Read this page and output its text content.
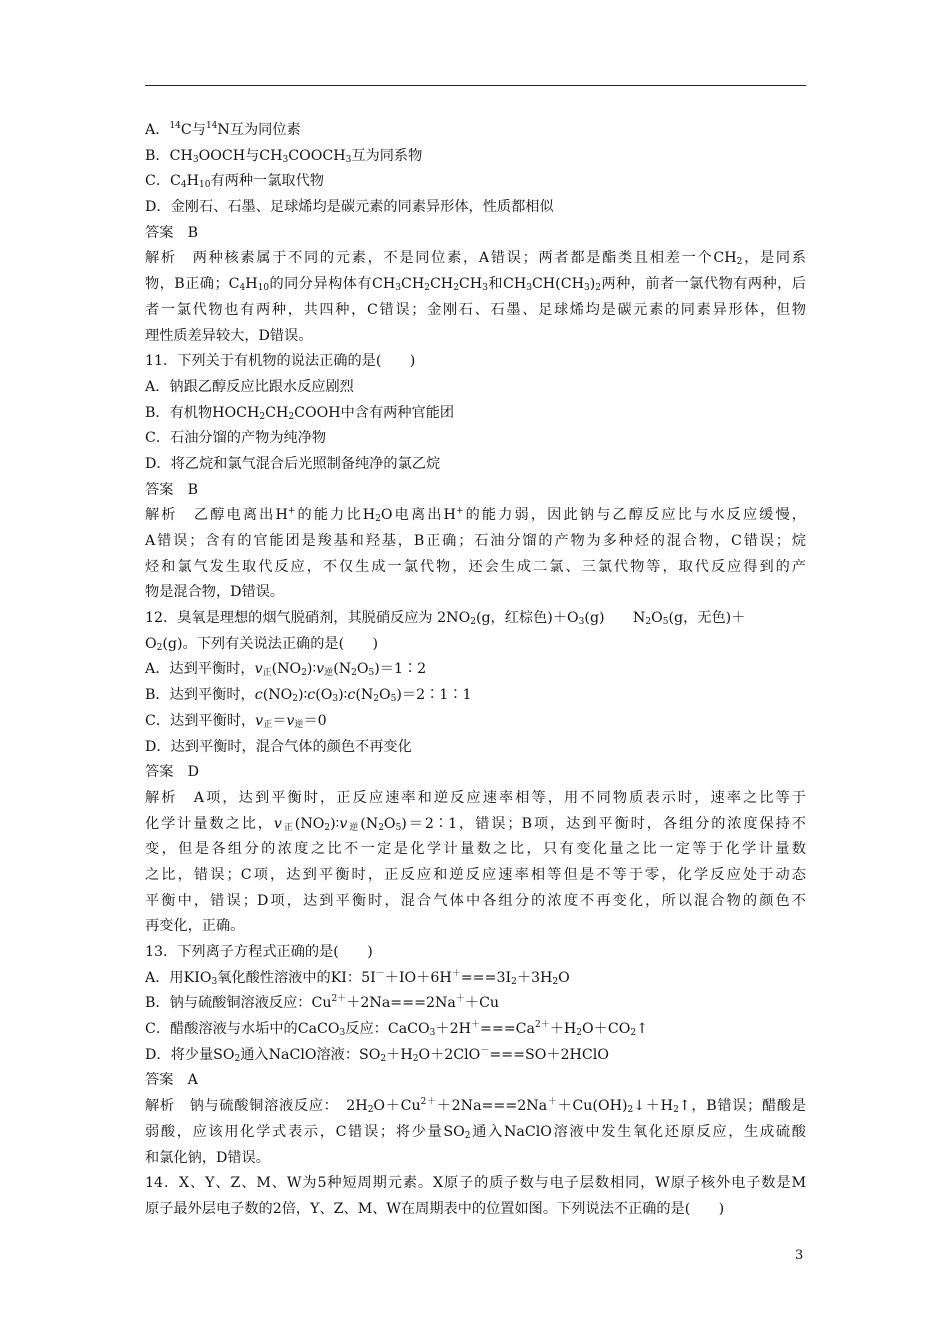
A．$^{14}$C与$^{14}$N互为同位素
B．$CH_3OOCH$与$CH_3COOCH_3$互为同系物
C．$C_4H_{10}$有两种一氯取代物
D．金刚石、石墨、足球烯均是碳元素的同素异形体，性质都相似
答案　B
解析　两种核素属于不同的元素，不是同位素，A错误；两者都是酯类且相差一个$CH_2$，是同系
物，B正确；$C_4H_{10}$的同分异构体有$CH_3CH_2CH_2CH_3$和$CH_3CH(CH_3)_2$两种，前者一氯代物有两种，后
者一氯代物也有两种，共四种，C错误；金刚石、石墨、足球烯均是碳元素的同素异形体，但物
理性质差异较大，D错误。
11．下列关于有机物的说法正确的是(　　)
A．钠跟乙醇反应比跟水反应剧烈
B．有机物$HOCH_2CH_2COOH$中含有两种官能团
C．石油分馏的产物为纯净物
D．将乙烷和氯气混合后光照制备纯净的氯乙烷
答案　B
解析　乙醇电离出H+的能力比$H_2O$电离出H+的能力弱，因此钠与乙醇反应比与水反应缓慢，
A错误；含有的官能团是羧基和羟基，B正确；石油分馏的产物为多种烃的混合物，C错误；烷
烃和氯气发生取代反应，不仅生成一氯代物，还会生成二氯、三氯代物等，取代反应得到的产
物是混合物，D错误。
12．臭氧是理想的烟气脱硝剂，其脱硝反应为 $2NO_2(g$，红棕色)$+O_3(g)$　　$N_2O_5(g$，无色)＋
$O_2(g)$。下列有关说法正确的是(　　)
A．达到平衡时，$v_正(NO_2)∶v_逆(N_2O_5)=1∶2$
B．达到平衡时，$c(NO_2)∶c(O_3)∶c(N_2O_5)=2∶1∶1$
C．达到平衡时，$v_正=v_逆=0$
D．达到平衡时，混合气体的颜色不再变化
答案　D
解析　A项，达到平衡时，正反应速率和逆反应速率相等，用不同物质表示时，速率之比等于
化学计量数之比，$v_正(NO_2)∶v_逆(N_2O_5)=2∶1$，错误；B项，达到平衡时，各组分的浓度保持不
变，但是各组分的浓度之比不一定是化学计量数之比，只有变化量之比一定等于化学计量数
之比，错误；C项，达到平衡时，正反应和逆反应速率相等但是不等于零，化学反应处于动态
平衡中，错误；D项，达到平衡时，混合气体中各组分的浓度不再变化，所以混合物的颜色不
再变化，正确。
13．下列离子方程式正确的是(　　)
A．用$KIO_3$氧化酸性溶液中的KI：$5I^-+IO+6H^+===3I_2+3H_2O$
B．钠与硫酸铜溶液反应：$Cu^{2+}+2Na===2Na^++Cu$
C．醋酸溶液与水垢中的CaCO$_3$反应：$CaCO_3+2H^+===Ca^{2+}+H_2O+CO_2↑$
D．将少量$SO_2$通入NaClO溶液：$SO_2+H_2O+2ClO^-===SO+2HClO$
答案　A
解析　钠与硫酸铜溶液反应：　$2H_2O+Cu^{2+}+2Na===2Na^++Cu(OH)_2↓+H_2↑$，B错误；醋酸是
弱酸，应该用化学式表示，C错误；将少量$SO_2$通入NaClO溶液中发生氧化还原反应，生成硫酸
和氯化钠，D错误。
14．X、Y、Z、M、W为5种短周期元素。X原子的质子数与电子层数相同，W原子核外电子数是M
原子最外层电子数的2倍，Y、Z、M、W在周期表中的位置如图。下列说法不正确的是(　　)
3
